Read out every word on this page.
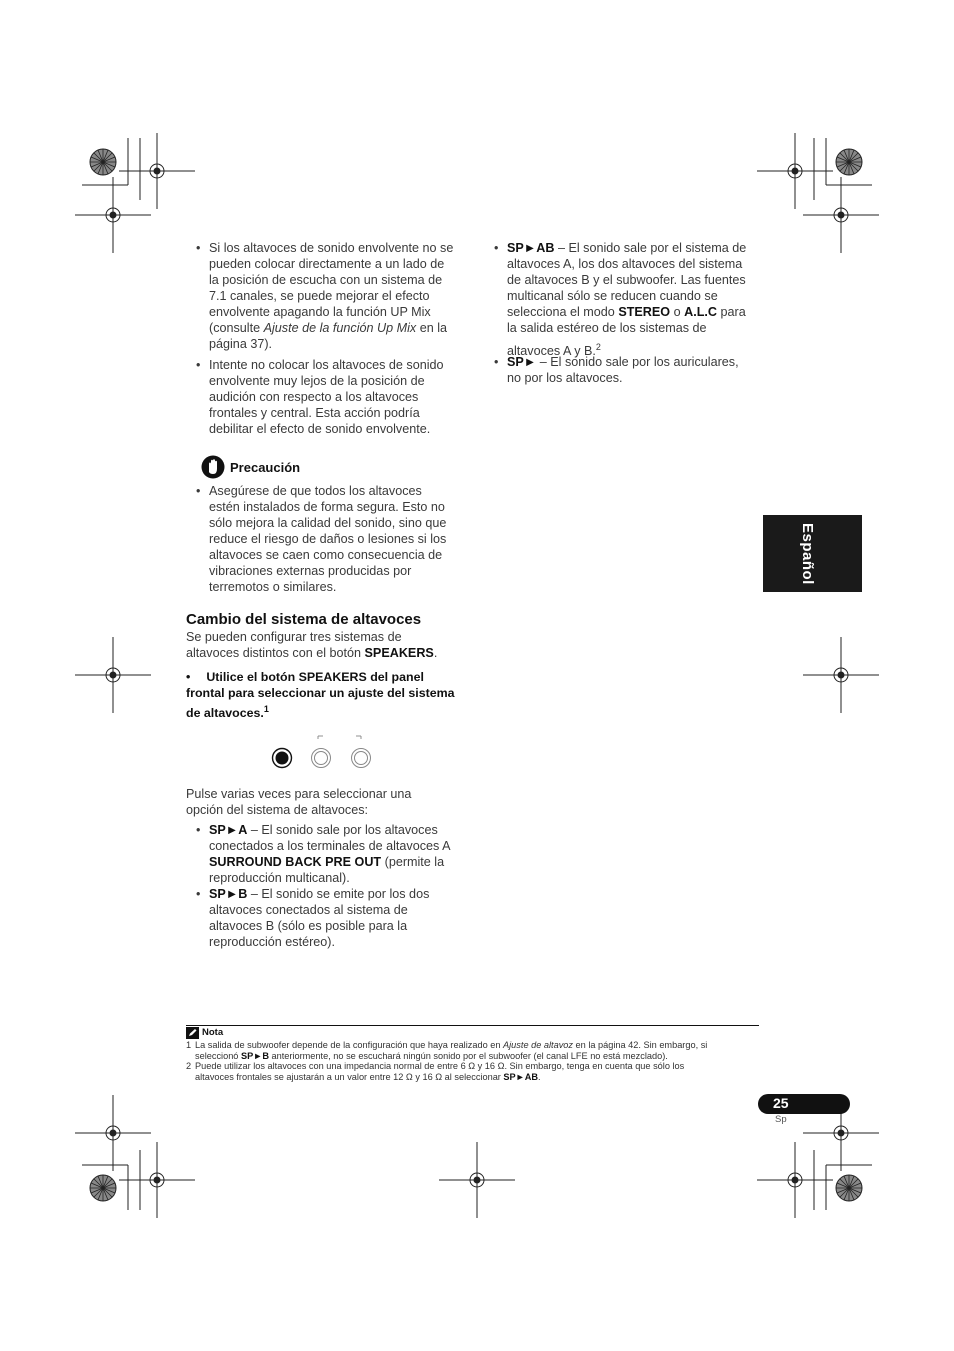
• Si los altavoces de sonido envolvente no se
pueden colocar directamente a un lado de
la posición de escucha con un sistema de
7.1 canales, se puede mejorar el efecto
envolvente apagando la función UP Mix
(consulte Ajuste de la función Up Mix en la
página 37).
• Intente no colocar los altavoces de sonido
envolvente muy lejos de la posición de
audición con respecto a los altavoces
frontales y central. Esta acción podría
debilitar el efecto de sonido envolvente.
Precaución
• Asegúrese de que todos los altavoces
estén instalados de forma segura. Esto no
sólo mejora la calidad del sonido, sino que
reduce el riesgo de daños o lesiones si los
altavoces se caen como consecuencia de
vibraciones externas producidas por
terremotos o similares.
Cambio del sistema de altavoces
Se pueden configurar tres sistemas de
altavoces distintos con el botón SPEAKERS.
• Utilice el botón SPEAKERS del panel
frontal para seleccionar un ajuste del sistema
de altavoces.$^1$
Pulse varias veces para seleccionar una
opción del sistema de altavoces:
• SP►A – El sonido sale por los altavoces
conectados a los terminales de altavoces A
SURROUND BACK PRE OUT (permite la
reproducción multicanal).
• SP►B – El sonido se emite por los dos
altavoces conectados al sistema de
altavoces B (sólo es posible para la
reproducción estéreo).
• SP►AB – El sonido sale por el sistema de
altavoces A, los dos altavoces del sistema
de altavoces B y el subwoofer. Las fuentes
multicanal sólo se reducen cuando se
selecciona el modo STEREO o A.L.C para
la salida estéreo de los sistemas de
altavoces A y B.$^2$
• SP► – El sonido sale por los auriculares,
no por los altavoces.
Español
Nota
1 La salida de subwoofer depende de la configuración que haya realizado en Ajuste de altavoz en la página 42. Sin embargo, si
seleccionó SP►B anteriormente, no se escuchará ningún sonido por el subwoofer (el canal LFE no está mezclado).
2 Puede utilizar los altavoces con una impedancia normal de entre 6 Ω y 16 Ω. Sin embargo, tenga en cuenta que sólo los
altavoces frontales se ajustarán a un valor entre 12 Ω y 16 Ω al seleccionar SP►AB.
25
Sp
